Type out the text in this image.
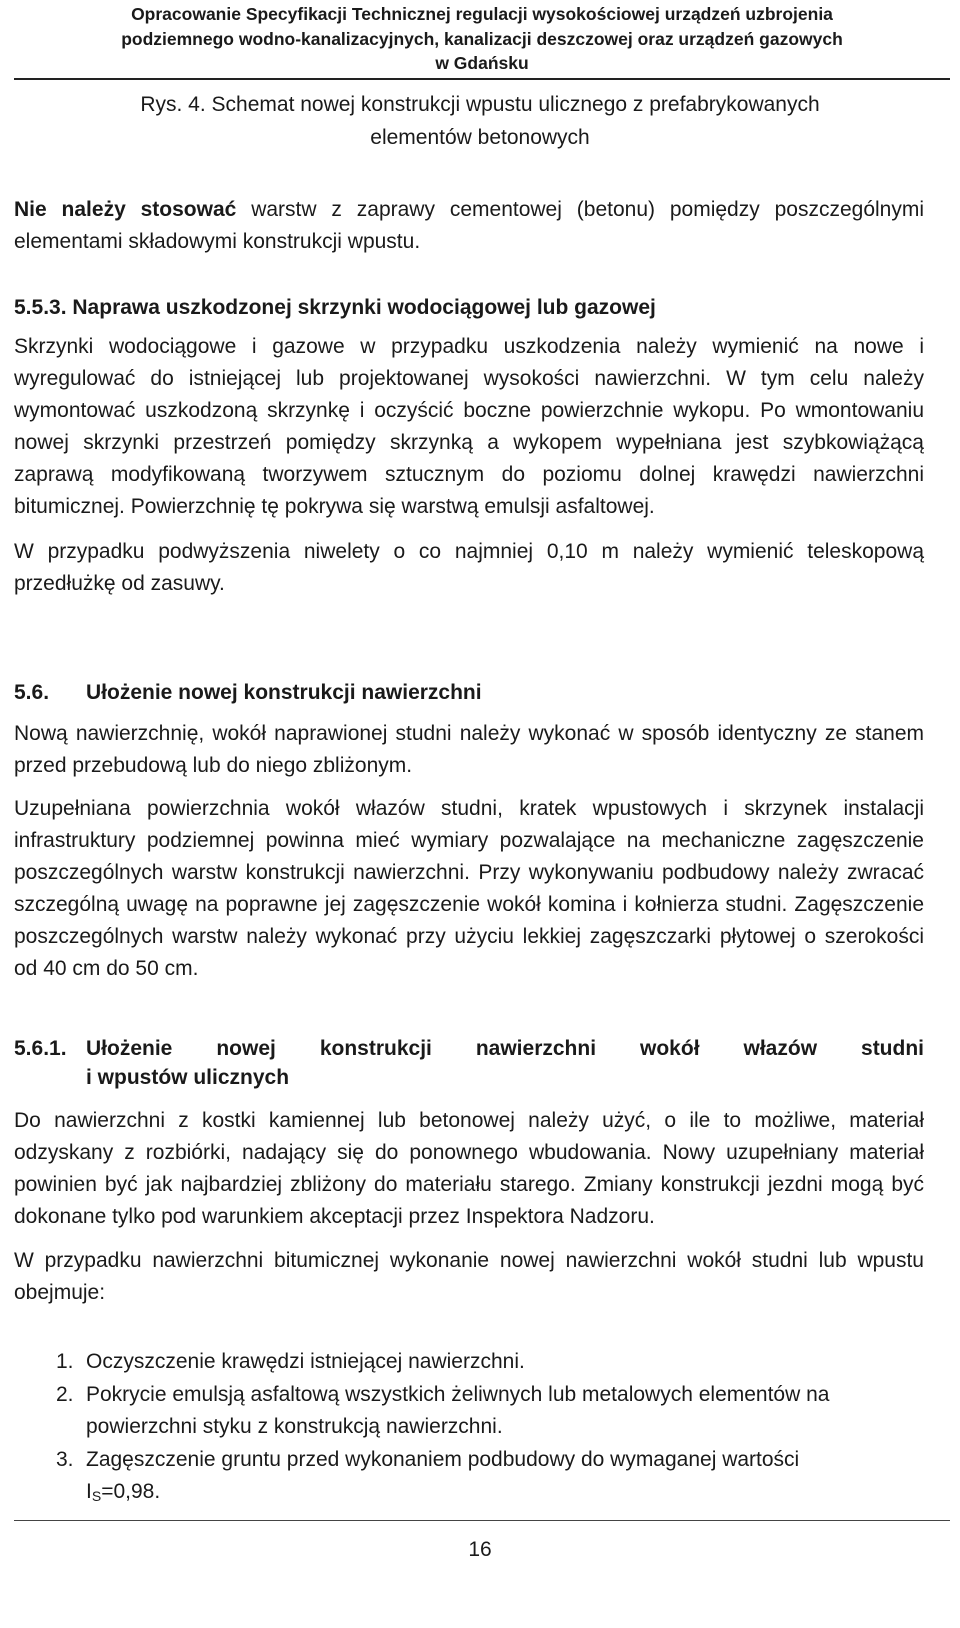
Opracowanie Specyfikacji Technicznej regulacji wysokościowej urządzeń uzbrojenia
podziemnego wodno-kanalizacyjnych, kanalizacji deszczowej oraz urządzeń gazowych
w Gdańsku
Rys. 4. Schemat nowej konstrukcji wpustu ulicznego z prefabrykowanych
elementów betonowych

Nie należy stosować warstw z zaprawy cementowej (betonu) pomiędzy poszczególnymi elementami składowymi konstrukcji wpustu.

5.5.3. Naprawa uszkodzonej skrzynki wodociągowej lub gazowej

Skrzynki wodociągowe i gazowe w przypadku uszkodzenia należy wymienić na nowe i wyregulować do istniejącej lub projektowanej wysokości nawierzchni. W tym celu należy wymontować uszkodzoną skrzynkę i oczyścić boczne powierzchnie wykopu. Po wmontowaniu nowej skrzynki przestrzeń pomiędzy skrzynką a wykopem wypełniana jest szybkowiążącą zaprawą modyfikowaną tworzywem sztucznym do poziomu dolnej krawędzi nawierzchni bitumicznej. Powierzchnię tę pokrywa się warstwą emulsji asfaltowej.

W przypadku podwyższenia niwelety o co najmniej 0,10 m należy wymienić teleskopową przedłużkę od zasuwy.

5.6. Ułożenie nowej konstrukcji nawierzchni

Nową nawierzchnię, wokół naprawionej studni należy wykonać w sposób identyczny ze stanem przed przebudową lub do niego zbliżonym.

Uzupełniana powierzchnia wokół włazów studni, kratek wpustowych i skrzynek instalacji infrastruktury podziemnej powinna mieć wymiary pozwalające na mechaniczne zagęszczenie poszczególnych warstw konstrukcji nawierzchni. Przy wykonywaniu podbudowy należy zwracać szczególną uwagę na poprawne jej zagęszczenie wokół komina i kołnierza studni. Zagęszczenie poszczególnych warstw należy wykonać przy użyciu lekkiej zagęszczarki płytowej o szerokości od 40 cm do 50 cm.

5.6.1. Ułożenie nowej konstrukcji nawierzchni wokół włazów studni

i wpustów ulicznych

Do nawierzchni z kostki kamiennej lub betonowej należy użyć, o ile to możliwe, materiał odzyskany z rozbiórki, nadający się do ponownego wbudowania. Nowy uzupełniany materiał powinien być jak najbardziej zbliżony do materiału starego. Zmiany konstrukcji jezdni mogą być dokonane tylko pod warunkiem akceptacji przez Inspektora Nadzoru.

W przypadku nawierzchni bitumicznej wykonanie nowej nawierzchni wokół studni lub wpustu obejmuje:

1. Oczyszczenie krawędzi istniejącej nawierzchni.
2. Pokrycie emulsją asfaltową wszystkich żeliwnych lub metalowych elementów na powierzchni styku z konstrukcją nawierzchni.
3. Zagęszczenie gruntu przed wykonaniem podbudowy do wymaganej wartości
$I_S=0,98$.
16
